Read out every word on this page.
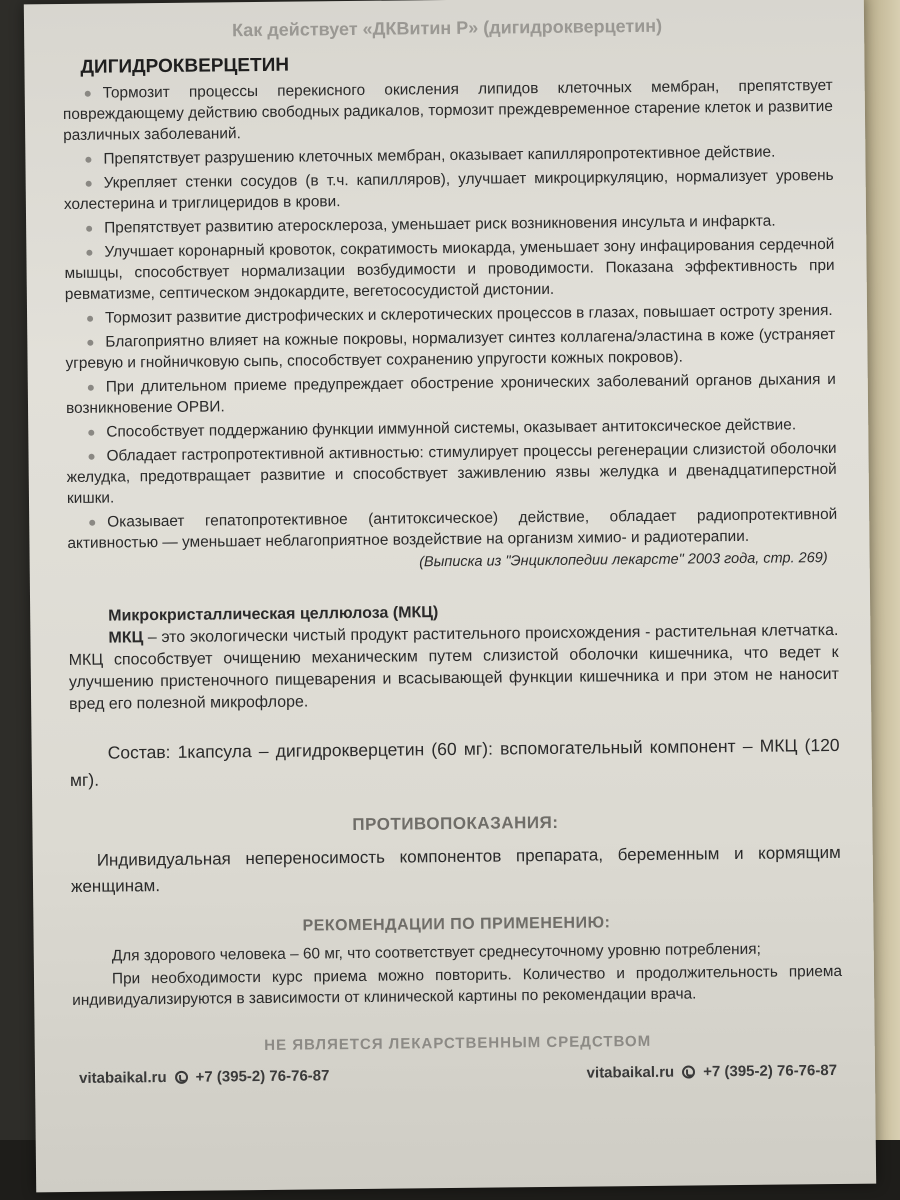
Как действует «ДКВитин Р» (дигидрокверцетин)
ДИГИДРОКВЕРЦЕТИН
Тормозит процессы перекисного окисления липидов клеточных мембран, препятствует повреждающему действию свободных радикалов, тормозит преждевременное старение клеток и развитие различных заболеваний.
Препятствует разрушению клеточных мембран, оказывает капилляропротективное действие.
Укрепляет стенки сосудов (в т.ч. капилляров), улучшает микроциркуляцию, нормализует уровень холестерина и триглицеридов в крови.
Препятствует развитию атеросклероза, уменьшает риск возникновения инсульта и инфаркта.
Улучшает коронарный кровоток, сократимость миокарда, уменьшает зону инфацирования сердечной мышцы, способствует нормализации возбудимости и проводимости. Показана эффективность при ревматизме, септическом эндокардите, вегетососудистой дистонии.
Тормозит развитие дистрофических и склеротических процессов в глазах, повышает остроту зрения.
Благоприятно влияет на кожные покровы, нормализует синтез коллагена/эластина в коже (устраняет угревую и гнойничковую сыпь, способствует сохранению упругости кожных покровов).
При длительном приеме предупреждает обострение хронических заболеваний органов дыхания и возникновение ОРВИ.
Способствует поддержанию функции иммунной системы, оказывает антитоксическое действие.
Обладает гастропротективной активностью: стимулирует процессы регенерации слизистой оболочки желудка, предотвращает развитие и способствует заживлению язвы желудка и двенадцатиперстной кишки.
Оказывает гепатопротективное (антитоксическое) действие, обладает радиопротективной активностью — уменьшает неблагоприятное воздействие на организм химио- и радиотерапии.
(Выписка из "Энциклопедии лекарсте" 2003 года, стр. 269)
Микрокристаллическая целлюлоза (МКЦ)

МКЦ – это экологически чистый продукт растительного происхождения - растительная клетчатка. МКЦ способствует очищению механическим путем слизистой оболочки кишечника, что ведет к улучшению пристеночного пищеварения и всасывающей функции кишечника и при этом не наносит вред его полезной микрофлоре.

Состав: 1капсула – дигидрокверцетин (60 мг): вспомогательный компонент – МКЦ (120 мг).

ПРОТИВОПОКАЗАНИЯ:

Индивидуальная непереносимость компонентов препарата, беременным и кормящим женщинам.

РЕКОМЕНДАЦИИ ПО ПРИМЕНЕНИЮ:

Для здорового человека – 60 мг, что соответствует среднесуточному уровню потребления;

При необходимости курс приема можно повторить. Количество и продолжительность приема индивидуализируются в зависимости от клинической картины по рекомендации врача.

НЕ ЯВЛЯЕТСЯ ЛЕКАРСТВЕННЫМ СРЕДСТВОМ
vitabaikal.ru +7 (395-2) 76-76-87	vitabaikal.ru +7 (395-2) 76-76-87
